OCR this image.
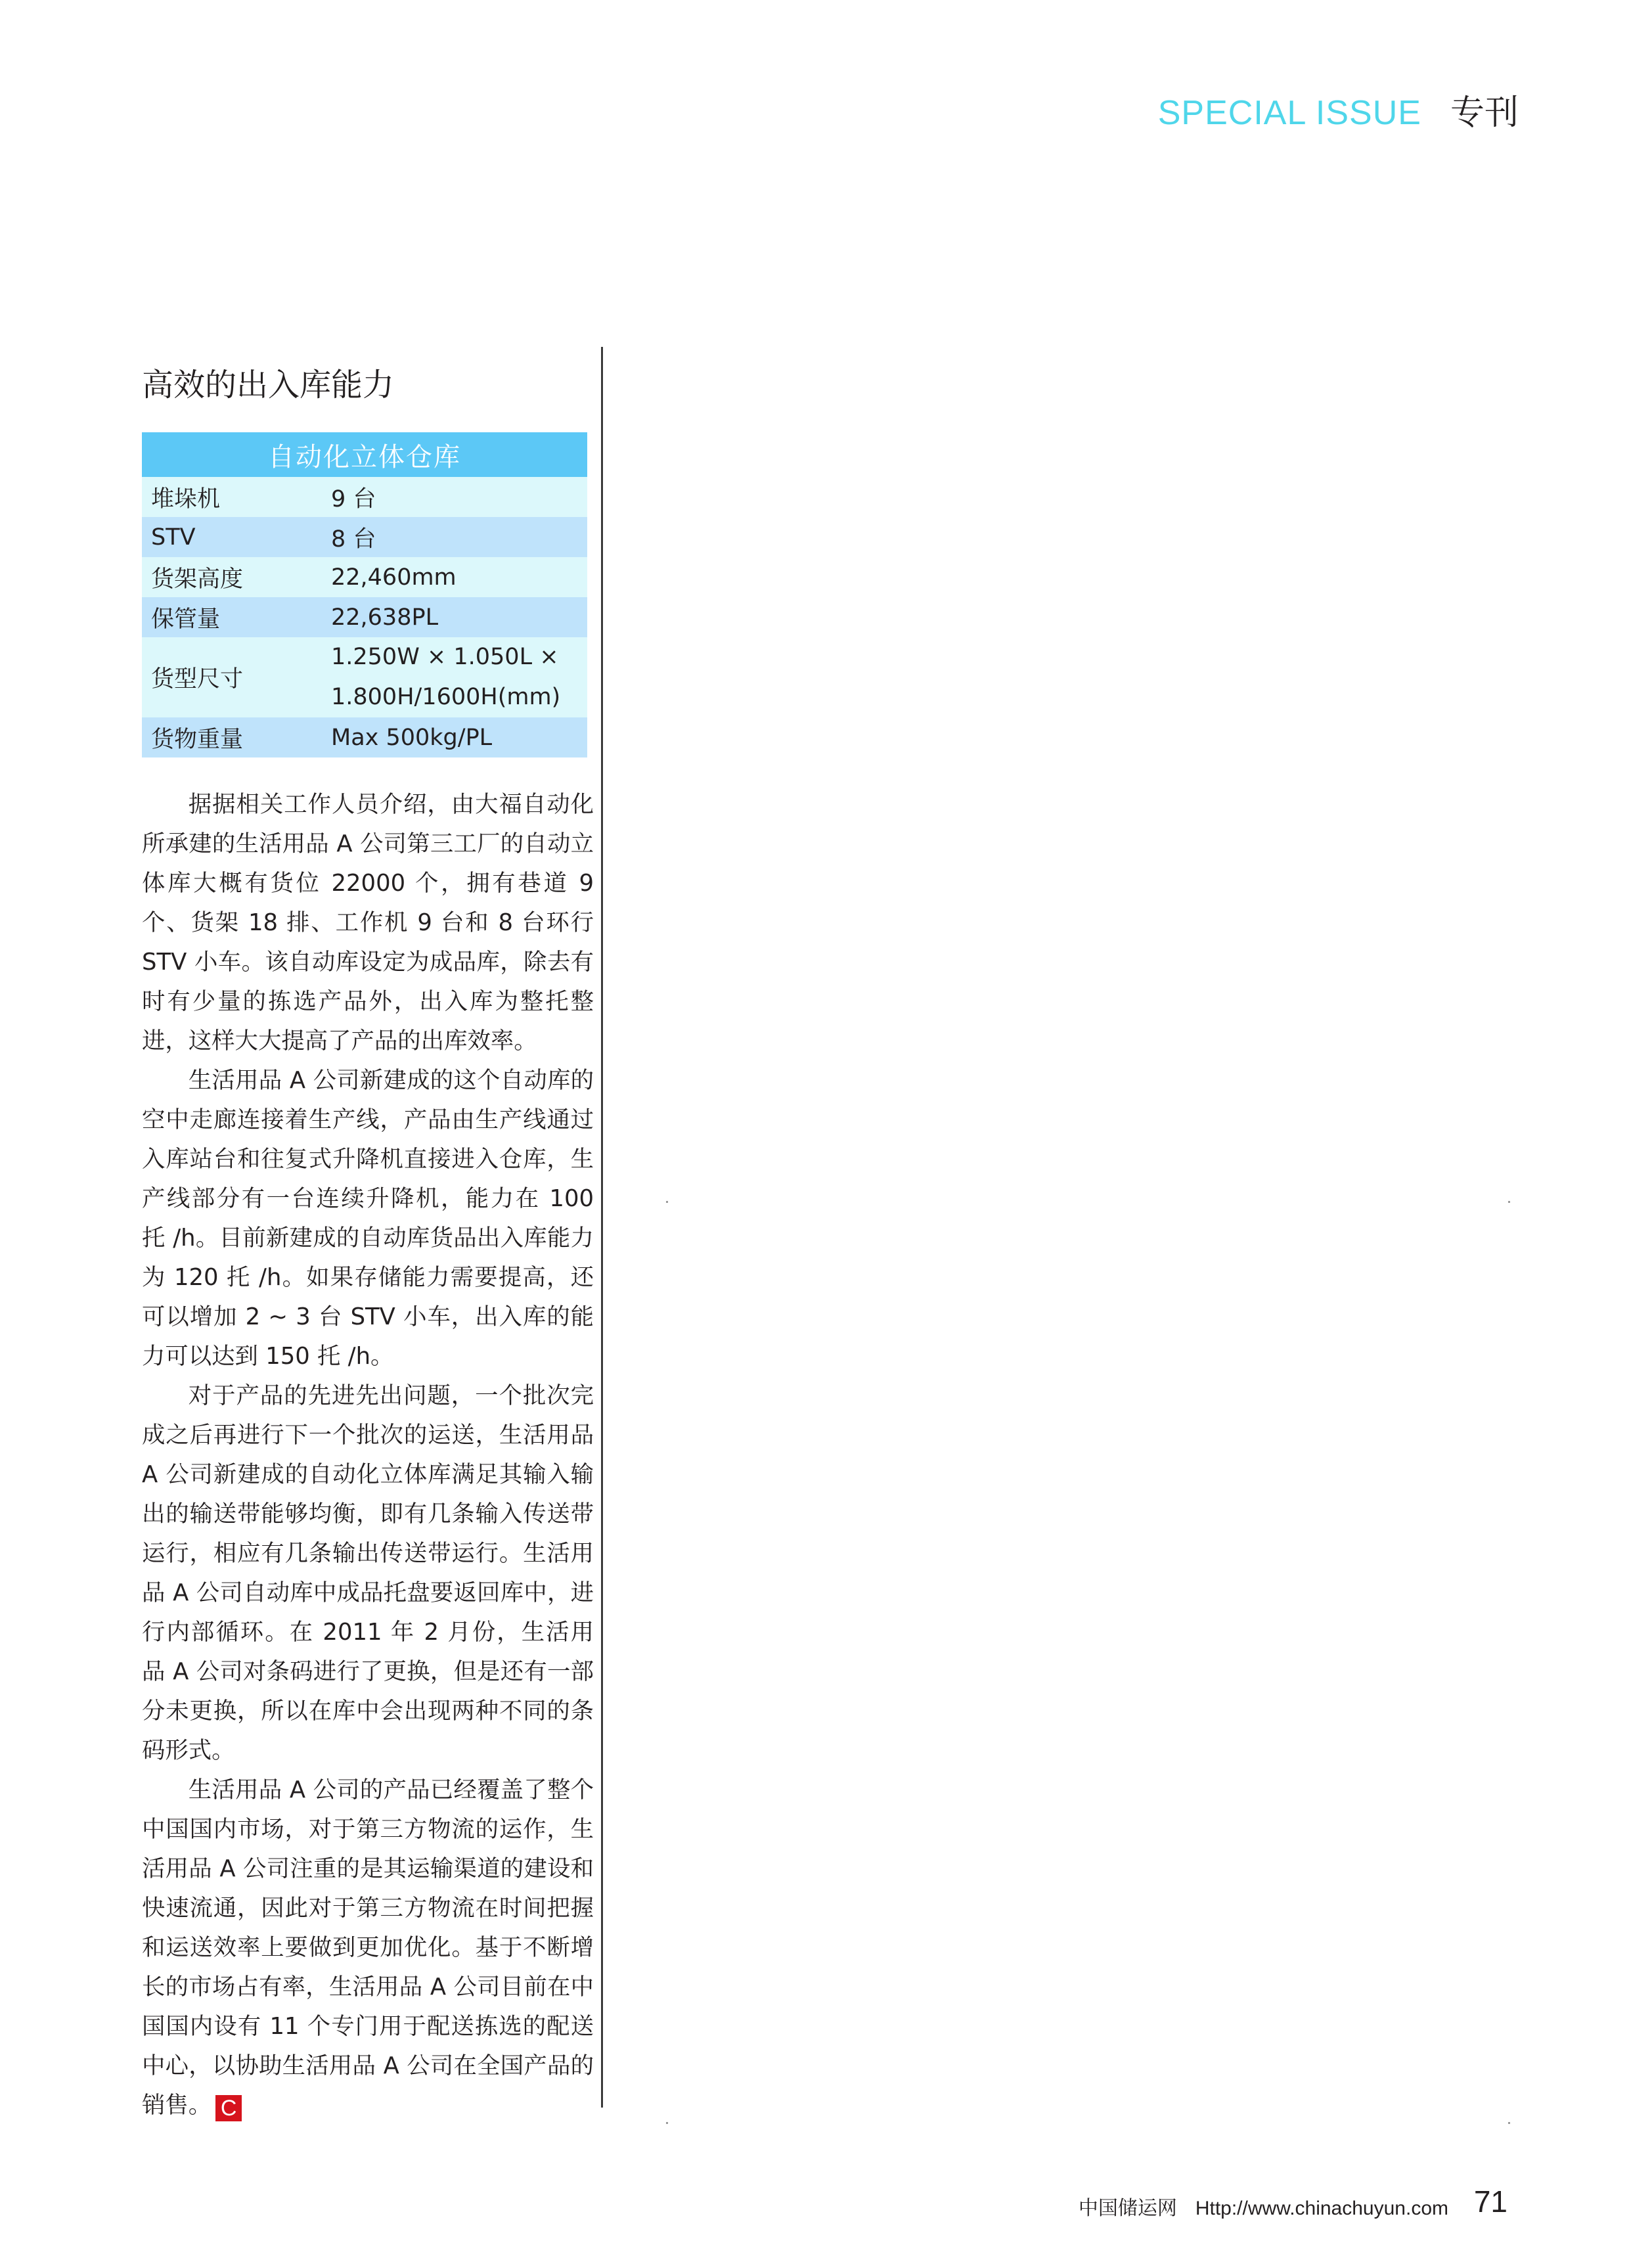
SPECIAL ISSUE 专刊
高效的出入库能力
自动化立体仓库	
堆垛机	9 台
STV	8 台
货架高度	22,460mm
保管量	22,638PL
货型尺寸	1.250W × 1.050L ×
1.800H/1600H(mm)

货物重量	Max 500kg/PL

据据相关工作人员介绍，由大福自动化所承建的生活用品 A 公司第三工厂的自动立体库大概有货位 22000 个，拥有巷道 9 个、货架 18 排、工作机 9 台和 8 台环行 STV 小车。该自动库设定为成品库，除去有时有少量的拣选产品外，出入库为整托整进，这样大大提高了产品的出库效率。

生活用品 A 公司新建成的这个自动库的空中走廊连接着生产线，产品由生产线通过入库站台和往复式升降机直接进入仓库，生产线部分有一台连续升降机，能力在 100 托 /h。目前新建成的自动库货品出入库能力为 120 托 /h。如果存储能力需要提高，还可以增加 2 ~ 3 台 STV 小车，出入库的能力可以达到 150 托 /h。

对于产品的先进先出问题，一个批次完成之后再进行下一个批次的运送，生活用品 A 公司新建成的自动化立体库满足其输入输出的输送带能够均衡，即有几条输入传送带运行，相应有几条输出传送带运行。生活用品 A 公司自动库中成品托盘要返回库中，进行内部循环。在 2011 年 2 月份，生活用品 A 公司对条码进行了更换，但是还有一部分未更换，所以在库中会出现两种不同的条码形式。

生活用品 A 公司的产品已经覆盖了整个中国国内市场，对于第三方物流的运作，生活用品 A 公司注重的是其运输渠道的建设和快速流通，因此对于第三方物流在时间把握和运送效率上要做到更加优化。基于不断增长的市场占有率，生活用品 A 公司目前在中国国内设有 11 个专门用于配送拣选的配送中心，以协助生活用品 A 公司在全国产品的销售。 C

中国储运网 Http://www.chinachuyun.com 71
